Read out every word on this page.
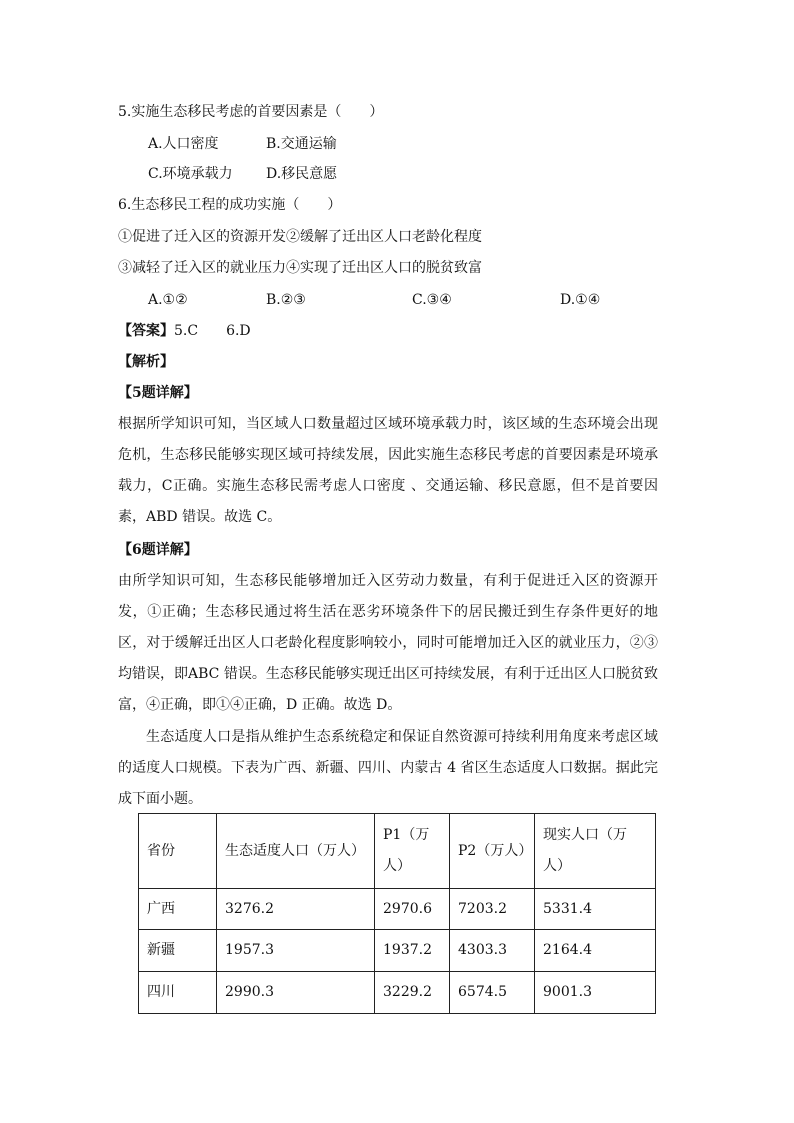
5.实施生态移民考虑的首要因素是（　　）
A.人口密度	B.交通运输
C.环境承载力 D.移民意愿
6.生态移民工程的成功实施（　　）
①促进了迁入区的资源开发②缓解了迁出区人口老龄化程度
③减轻了迁入区的就业压力④实现了迁出区人口的脱贫致富
A.①②	B.②③	C.③④	D.①④
【答案】5.C　　6.D
【解析】
【5题详解】
根据所学知识可知，当区域人口数量超过区域环境承载力时，该区域的生态环境会出现危机，生态移民能够实现区域可持续发展，因此实施生态移民考虑的首要因素是环境承载力，C正确。实施生态移民需考虑人口密度 、交通运输、移民意愿，但不是首要因素，ABD 错误。故选 C。
【6题详解】
由所学知识可知，生态移民能够增加迁入区劳动力数量，有利于促进迁入区的资源开发，①正确；生态移民通过将生活在恶劣环境条件下的居民搬迁到生存条件更好的地区，对于缓解迁出区人口老龄化程度影响较小，同时可能增加迁入区的就业压力，②③均错误，即ABC 错误。生态移民能够实现迁出区可持续发展，有利于迁出区人口脱贫致富，④正确，即①④正确，D 正确。故选 D。
生态适度人口是指从维护生态系统稳定和保证自然资源可持续利用角度来考虑区域的适度人口规模。下表为广西、新疆、四川、内蒙古 4 省区生态适度人口数据。据此完成下面小题。
省份	生态适度人口（万人）	P1（万人）	P2（万人）	现实人口（万人）
广西	3276.2	2970.6	7203.2	5331.4
新疆	1957.3	1937.2	4303.3	2164.4
四川	2990.3	3229.2	6574.5	9001.3
